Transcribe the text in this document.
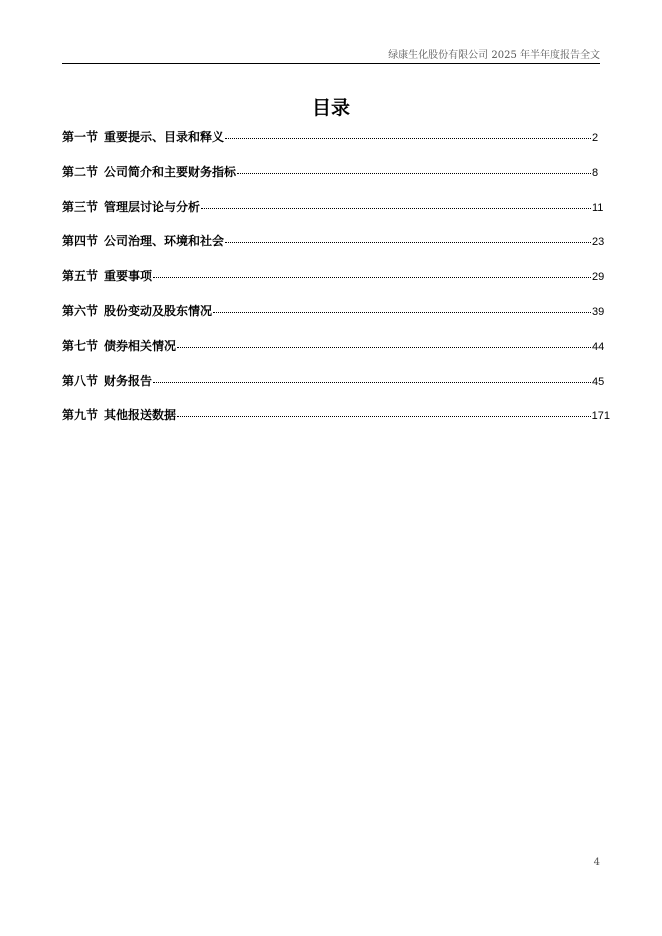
绿康生化股份有限公司 2025 年半年度报告全文
目录
第一节 重要提示、目录和释义	2
第二节 公司简介和主要财务指标	8
第三节 管理层讨论与分析	11
第四节 公司治理、环境和社会	23
第五节 重要事项	29
第六节 股份变动及股东情况	39
第七节 债券相关情况	44
第八节 财务报告	45
第九节 其他报送数据	171
4
